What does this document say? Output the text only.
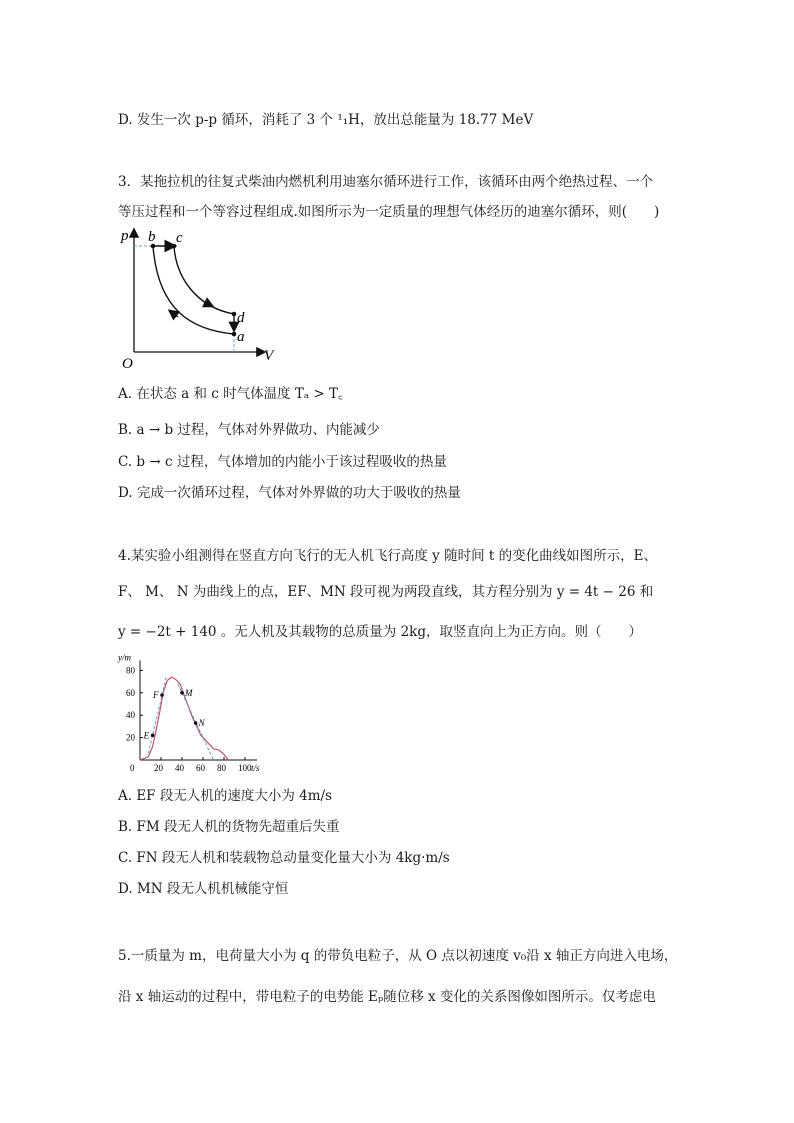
D. 发生一次 p-p 循环，消耗了 3 个 ¹₁H，放出总能量为 18.77 MeV
3．某拖拉机的往复式柴油内燃机利用迪塞尔循环进行工作，该循环由两个绝热过程、一个
等压过程和一个等容过程组成.如图所示为一定质量的理想气体经历的迪塞尔循环，则(　　)
p
V
O
b c
d
a
A. 在状态 a 和 c 时气体温度 Tₐ > T꜀
B. a → b 过程，气体对外界做功、内能减少
C. b → c 过程，气体增加的内能小于该过程吸收的热量
D. 完成一次循环过程，气体对外界做的功大于吸收的热量
4.某实验小组测得在竖直方向飞行的无人机飞行高度 y 随时间 t 的变化曲线如图所示，E、
F、 M、 N 为曲线上的点，EF、MN 段可视为两段直线，其方程分别为 y = 4t − 26 和
y = −2t + 140 。无人机及其载物的总质量为 2kg，取竖直向上为正方向。则（　　）
y/m
t/s
0 20 40 60 80 100
20
40
60
80
E
F	M
N
A. EF 段无人机的速度大小为 4m/s
B. FM 段无人机的货物先超重后失重
C. FN 段无人机和装载物总动量变化量大小为 4kg·m/s
D. MN 段无人机机械能守恒
5.一质量为 m，电荷量大小为 q 的带负电粒子，从 O 点以初速度 v₀沿 x 轴正方向进入电场，
沿 x 轴运动的过程中，带电粒子的电势能 Eₚ随位移 x 变化的关系图像如图所示。仅考虑电
